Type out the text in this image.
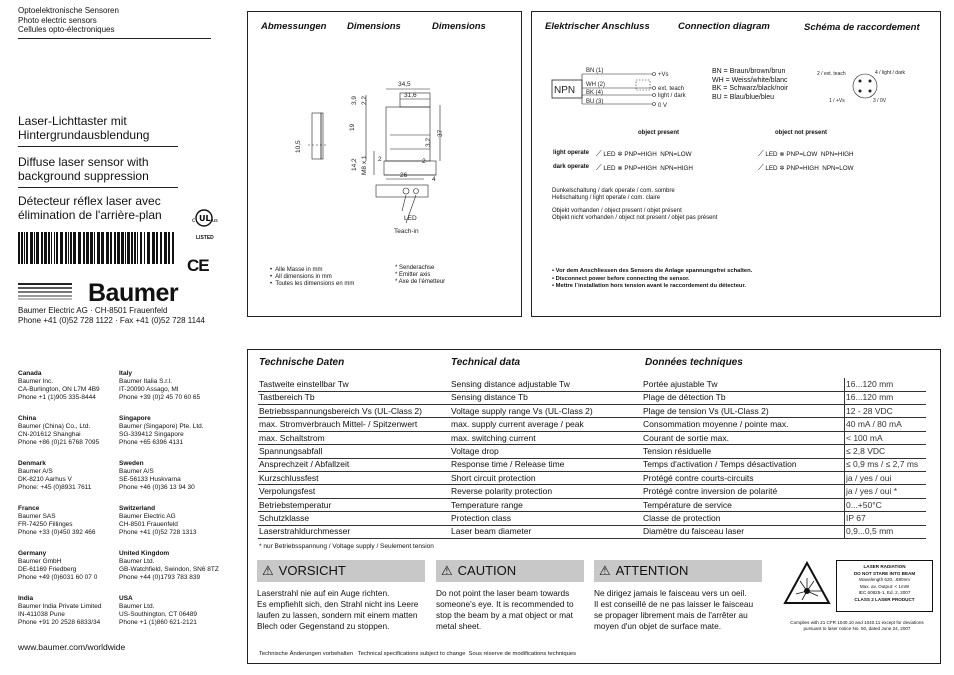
Optoelektronische Sensoren
Photo electric sensors
Cellules opto-électroniques
Laser-Lichttaster mit
Hintergrundausblendung
Diffuse laser sensor with
background suppression
Détecteur réflex laser avec
élimination de l'arrière-plan	c UL us
LISTED
CE
Baumer
Baumer Electric AG · CH-8501 Frauenfeld
Phone +41 (0)52 728 1122 · Fax +41 (0)52 728 1144
Canada
Baumer Inc.
CA-Burlington, ON L7M 4B9
Phone +1 (1)905 335-8444
Italy
Baumer Italia S.r.l.
IT-20090 Assago, MI
Phone +39 (0)2 45 70 60 65
China
Baumer (China) Co., Ltd.
CN-201612 Shanghai
Phone +86 (0)21 6768 7095
Singapore
Baumer (Singapore) Pte. Ltd.
SG-339412 Singapore
Phone +65 6396 4131
Denmark
Baumer A/S
DK-8210 Aarhus V
Phone: +45 (0)8931 7611
Sweden
Baumer A/S
SE-56133 Huskvarna
Phone +46 (0)36 13 94 30
France
Baumer SAS
FR-74250 Fillinges
Phone +33 (0)450 392 466
Switzerland
Baumer Electric AG
CH-8501 Frauenfeld
Phone +41 (0)52 728 1313
Germany
Baumer GmbH
DE-61169 Friedberg
Phone +49 (0)6031 60 07 0
United Kingdom
Baumer Ltd.
GB-Watchfield, Swindon, SN6 8TZ
Phone +44 (0)1793 783 839
India
Baumer India Private Limited
IN-411038 Pune
Phone +91 20 2528 6833/34
USA
Baumer Ltd.
US-Southington, CT 06489
Phone +1 (1)860 621-2121
www.baumer.com/worldwide
Abmessungen Dimensions	Dimensions
34,5
31,6
3,9 2,2
19
10,5
37
3,2
14,2 M8 x 1 2
26
4
2
LED
Teach-in
•  Alle Masse in mm
•  All dimensions in mm
•  Toutes les dimensions en mm
* Senderachse
* Emitter axis
* Axe de l'émetteur
Elektrischer Anschluss	Connection diagram	Schéma de raccordement
NPN
BN (1)
WH (2)
BK (4)
BU (3)
+Vs
ext. teach
light / dark
0 V
BN = Braun/brown/brun
WH = Weiss/white/blanc
BK = Schwarz/black/noir
BU = Blau/blue/bleu
2 / ext. teach	4 / light / dark
1 / +Vs	3 / 0V
object present	object not present
light operate
dark operate
⟋ LED ✲ PNP=HIGH NPN=LOW
⟋ LED ⊗ PNP=HIGH NPN=HIGH
⟋ LED ⊗ PNP=LOW NPN=HIGH
⟋ LED ✲ PNP=HIGH NPN=LOW
Dunkelschaltung / dark operate / com. sombre
Hellschaltung / light operate / com. claire
Objekt vorhanden / object present / objet présent
Objekt nicht vorhanden / object not present / objet pas présent
• Vor dem Anschliessen des Sensors die Anlage spannungsfrei schalten.
• Disconnect power before connecting the sensor.
• Mettre l´installation hors tension avant le raccordement du détecteur.
Technische Daten	Technical data	Données techniques
Tastweite einstellbar Tw	Sensing distance adjustable Tw	Portée ajustable Tw	16...120 mm
Tastbereich Tb	Sensing distance Tb	Plage de détection Tb	16...120 mm
Betriebsspannungsbereich Vs (UL-Class 2)	Voltage supply range Vs (UL-Class 2)	Plage de tension Vs (UL-Class 2)	12 - 28 VDC
max. Stromverbrauch Mittel- / Spitzenwert	max. supply current average / peak	Consommation moyenne / pointe max.	40 mA / 80 mA
max. Schaltstrom	max. switching current	Courant de sortie max.	< 100 mA
Spannungsabfall	Voltage drop	Tension résiduelle	≤ 2,8 VDC
Ansprechzeit / Abfallzeit	Response time / Release time	Temps d'activation / Temps désactivation	≤ 0,9 ms / ≤ 2,7 ms
Kurzschlussfest	Short circuit protection	Protégé contre courts-circuits	ja / yes / oui
Verpolungsfest	Reverse polarity protection	Protégé contre inversion de polarité	ja / yes / oui *
Betriebstemperatur	Temperature range	Température de service	0...+50°C
Schutzklasse	Protection class	Classe de protection	IP 67
Laserstrahldurchmesser	Laser beam diameter	Diamètre du faisceau laser	0,9...0,5 mm
* nur Betriebsspannung / Voltage supply / Seulement tension
⚠ VORSICHT	⚠ CAUTION	⚠ ATTENTION
Laserstrahl nie auf ein Auge richten.
Es empfiehlt sich, den Strahl nicht ins Leere
laufen zu lassen, sondern mit einem matten
Blech oder Gegenstand zu stoppen.
Do not point the laser beam towards
someone's eye. It is recommended to
stop the beam by a mat object or mat
metal sheet.
Ne dirigez jamais le faisceau vers un oeil.
Il est conseillé de ne pas laisser le faisceau
se propager librement mais de l'arrêter au
moyen d'un objet de surface mate.
LASER RADIATION
DO NOT STARE INTO BEAM
Wavelength 620...680nm
Max. av. Output: < 1mW
IEC 60825-1, Ed. 2, 2007
CLASS 2 LASER PRODUCT
Complies with 21 CFR 1040.10 and 1040.11 except for deviations
pursuant to laser notice No. 50, dated June 24, 2007
Technische Änderungen vorbehalten   Technical specifications subject to change  Sous réserve de modifications techniques
